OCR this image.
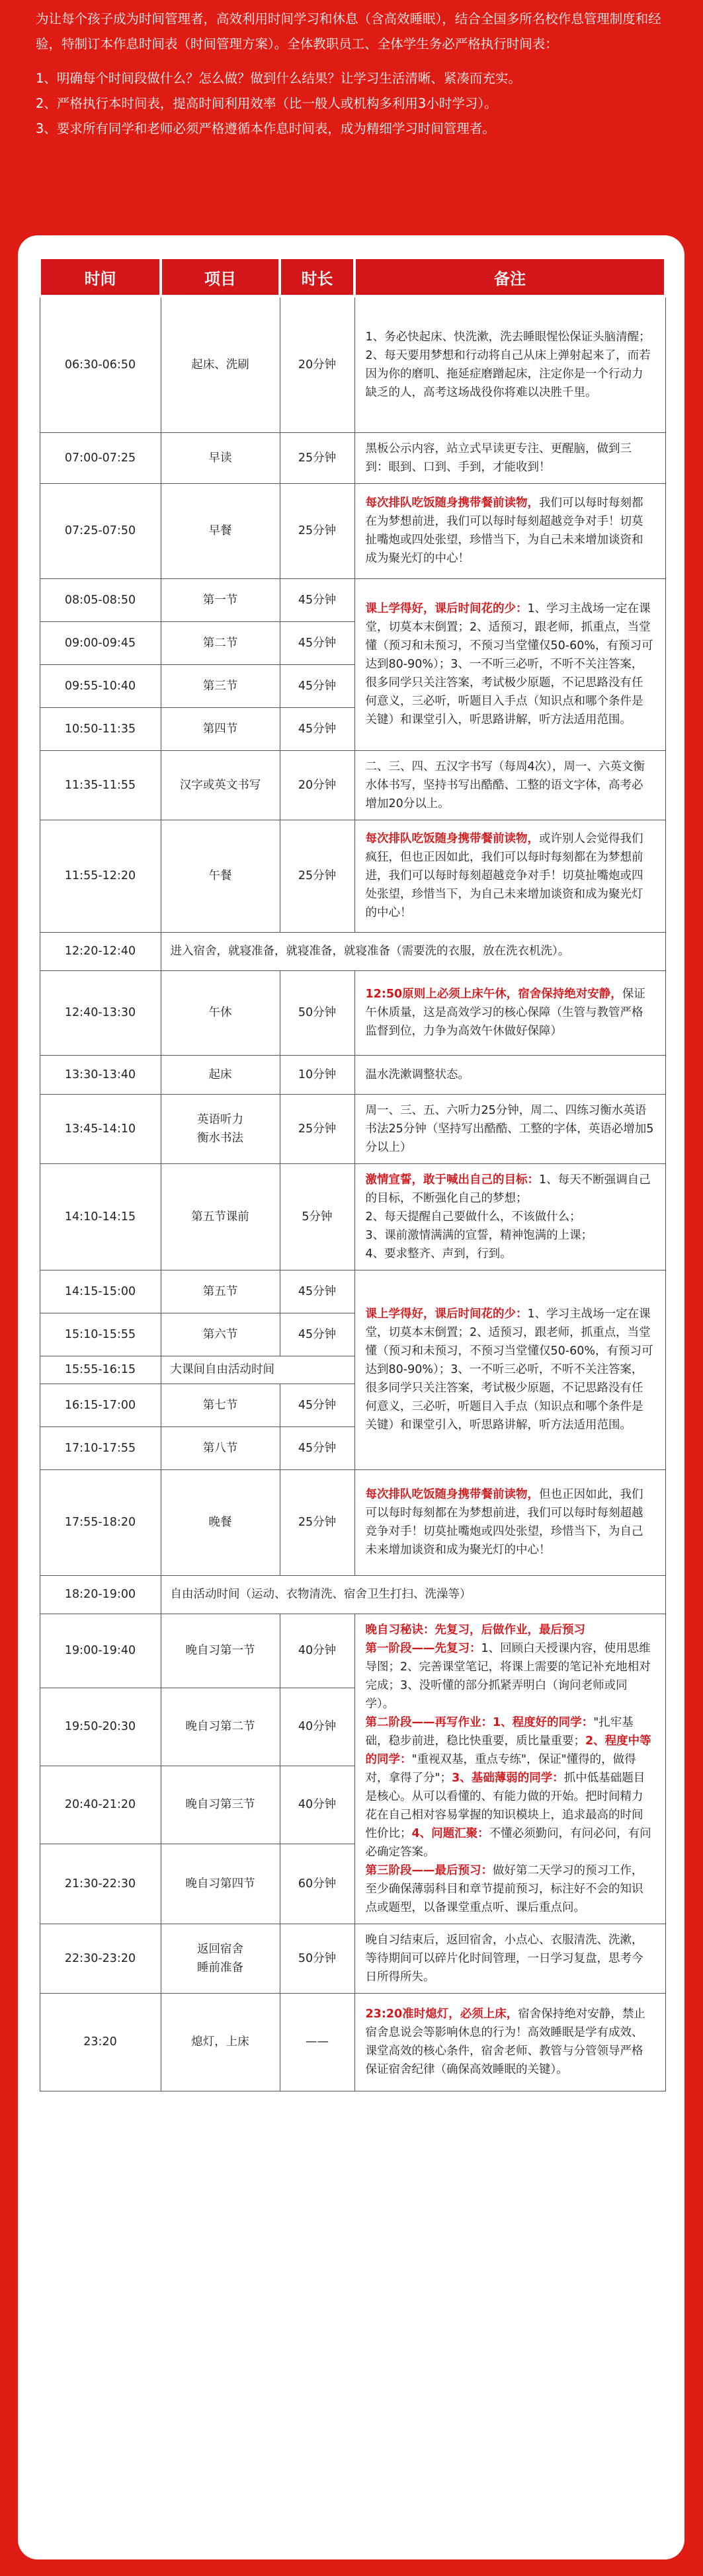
为让每个孩子成为时间管理者，高效利用时间学习和休息（含高效睡眠），结合全国多所名校作息管理制度和经验，特制订本作息时间表（时间管理方案）。全体教职员工、全体学生务必严格执行时间表：

1、明确每个时间段做什么？怎么做？做到什么结果？让学习生活清晰、紧凑而充实。

2、严格执行本时间表，提高时间利用效率（比一般人或机构多利用3小时学习）。

3、要求所有同学和老师必须严格遵循本作息时间表，成为精细学习时间管理者。

时间	项目	时长	备注
06:30-06:50	起床、洗刷	20分钟	1、务必快起床、快洗漱，洗去睡眼惺忪保证头脑清醒；
2、每天要用梦想和行动将自己从床上弹射起来了，而若因为你的磨叽、拖延症磨蹭起床，注定你是一个行动力缺乏的人，高考这场战役你将难以决胜千里。
07:00-07:25	早读	25分钟	黑板公示内容，站立式早读更专注、更醒脑，做到三到：眼到、口到、手到，才能收到！
07:25-07:50	早餐	25分钟	每次排队吃饭随身携带餐前读物，我们可以每时每刻都在为梦想前进，我们可以每时每刻超越竞争对手！切莫扯嘴炮或四处张望，珍惜当下，为自己未来增加谈资和成为聚光灯的中心！
08:05-08:50	第一节	45分钟	课上学得好，课后时间花的少：1、学习主战场一定在课堂，切莫本末倒置；2、适预习，跟老师，抓重点，当堂懂（预习和未预习，不预习当堂懂仅50-60%，有预习可达到80-90%）；3、一不听三必听，不听不关注答案，很多同学只关注答案，考试极少原题，不记思路没有任何意义，三必听，听题目入手点（知识点和哪个条件是关键）和课堂引入，听思路讲解，听方法适用范围。
09:00-09:45	第二节	45分钟	
09:55-10:40	第三节	45分钟	
10:50-11:35	第四节	45分钟	
11:35-11:55	汉字或英文书写	20分钟	二、三、四、五汉字书写（每周4次），周一、六英文衡水体书写，坚持书写出酷酷、工整的语文字体，高考必增加20分以上。
11:55-12:20	午餐	25分钟	每次排队吃饭随身携带餐前读物，或许别人会觉得我们疯狂，但也正因如此，我们可以每时每刻都在为梦想前进，我们可以每时每刻超越竞争对手！切莫扯嘴炮或四处张望，珍惜当下，为自己未来增加谈资和成为聚光灯的中心！
12:20-12:40	进入宿舍，就寝准备，就寝准备，就寝准备（需要洗的衣服，放在洗衣机洗）。		
12:40-13:30	午休	50分钟	12:50原则上必须上床午休，宿舍保持绝对安静，保证午休质量，这是高效学习的核心保障（生管与教管严格监督到位，力争为高效午休做好保障）
13:30-13:40	起床	10分钟	温水洗漱调整状态。
13:45-14:10	英语听力
衡水书法	25分钟	周一、三、五、六听力25分钟，周二、四练习衡水英语书法25分钟（坚持写出酷酷、工整的字体，英语必增加5分以上）
14:10-14:15	第五节课前	5分钟	激情宣誓，敢于喊出自己的目标：1、每天不断强调自己的目标，不断强化自己的梦想；
2、每天提醒自己要做什么，不该做什么；
3、课前激情满满的宣誓，精神饱满的上课；
4、要求整齐、声到，行到。
14:15-15:00	第五节	45分钟	课上学得好，课后时间花的少：1、学习主战场一定在课堂，切莫本末倒置；2、适预习，跟老师，抓重点，当堂懂（预习和未预习，不预习当堂懂仅50-60%，有预习可达到80-90%）；3、一不听三必听，不听不关注答案，很多同学只关注答案，考试极少原题，不记思路没有任何意义，三必听，听题目入手点（知识点和哪个条件是关键）和课堂引入，听思路讲解，听方法适用范围。
15:10-15:55	第六节	45分钟	
15:55-16:15	大课间自由活动时间		
16:15-17:00	第七节	45分钟	
17:10-17:55	第八节	45分钟	
17:55-18:20	晚餐	25分钟	每次排队吃饭随身携带餐前读物，但也正因如此，我们可以每时每刻都在为梦想前进，我们可以每时每刻超越竞争对手！切莫扯嘴炮或四处张望，珍惜当下，为自己未来增加谈资和成为聚光灯的中心！
18:20-19:00	自由活动时间（运动、衣物清洗、宿舍卫生打扫、洗澡等）		
19:00-19:40	晚自习第一节	40分钟	晚自习秘诀：先复习，后做作业，最后预习
第一阶段——先复习：1、回顾白天授课内容，使用思维导图；2、完善课堂笔记，将课上需要的笔记补充地相对完成；3、没听懂的部分抓紧弄明白（询问老师或同学）。
第二阶段——再写作业：1、程度好的同学："扎牢基础，稳步前进，稳比快重要，质比量重要；2、程度中等的同学："重视双基，重点专练"，保证"懂得的，做得对，拿得了分"；3、基础薄弱的同学：抓中低基础题目是核心。从可以看懂的、有能力做的开始。把时间精力花在自己相对容易掌握的知识模块上，追求最高的时间性价比；4、问题汇聚：不懂必须勤问，有问必问，有问必确定答案。
第三阶段——最后预习：做好第二天学习的预习工作，至少确保薄弱科目和章节提前预习，标注好不会的知识点或题型，以备课堂重点听、课后重点问。
19:50-20:30	晚自习第二节	40分钟	
20:40-21:20	晚自习第三节	40分钟	
21:30-22:30	晚自习第四节	60分钟	
22:30-23:20	返回宿舍
睡前准备	50分钟	晚自习结束后，返回宿舍，小点心、衣服清洗、洗漱，等待期间可以碎片化时间管理，一日学习复盘，思考今日所得所失。
23:20	熄灯，上床	——	23:20准时熄灯，必须上床，宿舍保持绝对安静，禁止宿舍息说会等影响休息的行为！高效睡眠是学有成效、课堂高效的核心条件，宿舍老师、教管与分管领导严格保证宿舍纪律（确保高效睡眠的关键）。
